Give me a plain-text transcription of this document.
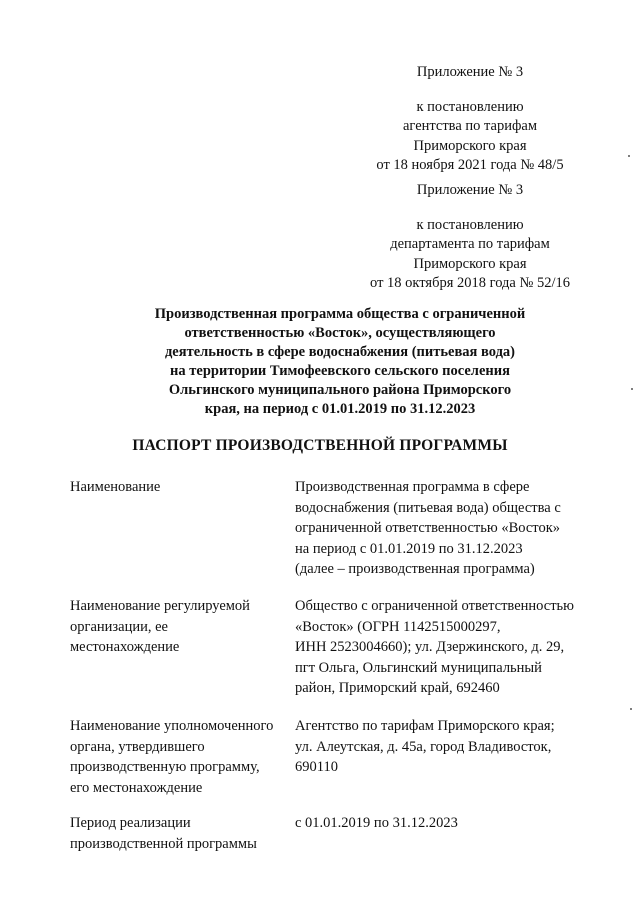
Приложение № 3
к постановлению
агентства по тарифам
Приморского края
от 18 ноября 2021 года № 48/5
Приложение № 3
к постановлению
департамента по тарифам
Приморского края
от 18 октября 2018 года № 52/16
Производственная программа общества с ограниченной
ответственностью «Восток», осуществляющего
деятельность в сфере водоснабжения (питьевая вода)
на территории Тимофеевского сельского поселения
Ольгинского муниципального района Приморского
края, на период с 01.01.2019 по 31.12.2023
ПАСПОРТ ПРОИЗВОДСТВЕННОЙ ПРОГРАММЫ
Наименование	Производственная программа в сфере
водоснабжения (питьевая вода) общества с
ограниченной ответственностью «Восток»
на период с 01.01.2019 по 31.12.2023
(далее – производственная программа)
Наименование регулируемой
организации, ее
местонахождение
Общество с ограниченной ответственностью
«Восток» (ОГРН 1142515000297,
ИНН 2523004660); ул. Дзержинского, д. 29,
пгт Ольга, Ольгинский муниципальный
район, Приморский край, 692460
Наименование уполномоченного
органа, утвердившего
производственную программу,
его местонахождение
Агентство по тарифам Приморского края;
ул. Алеутская, д. 45а, город Владивосток,
690110
Период реализации
производственной программы
с 01.01.2019 по 31.12.2023
